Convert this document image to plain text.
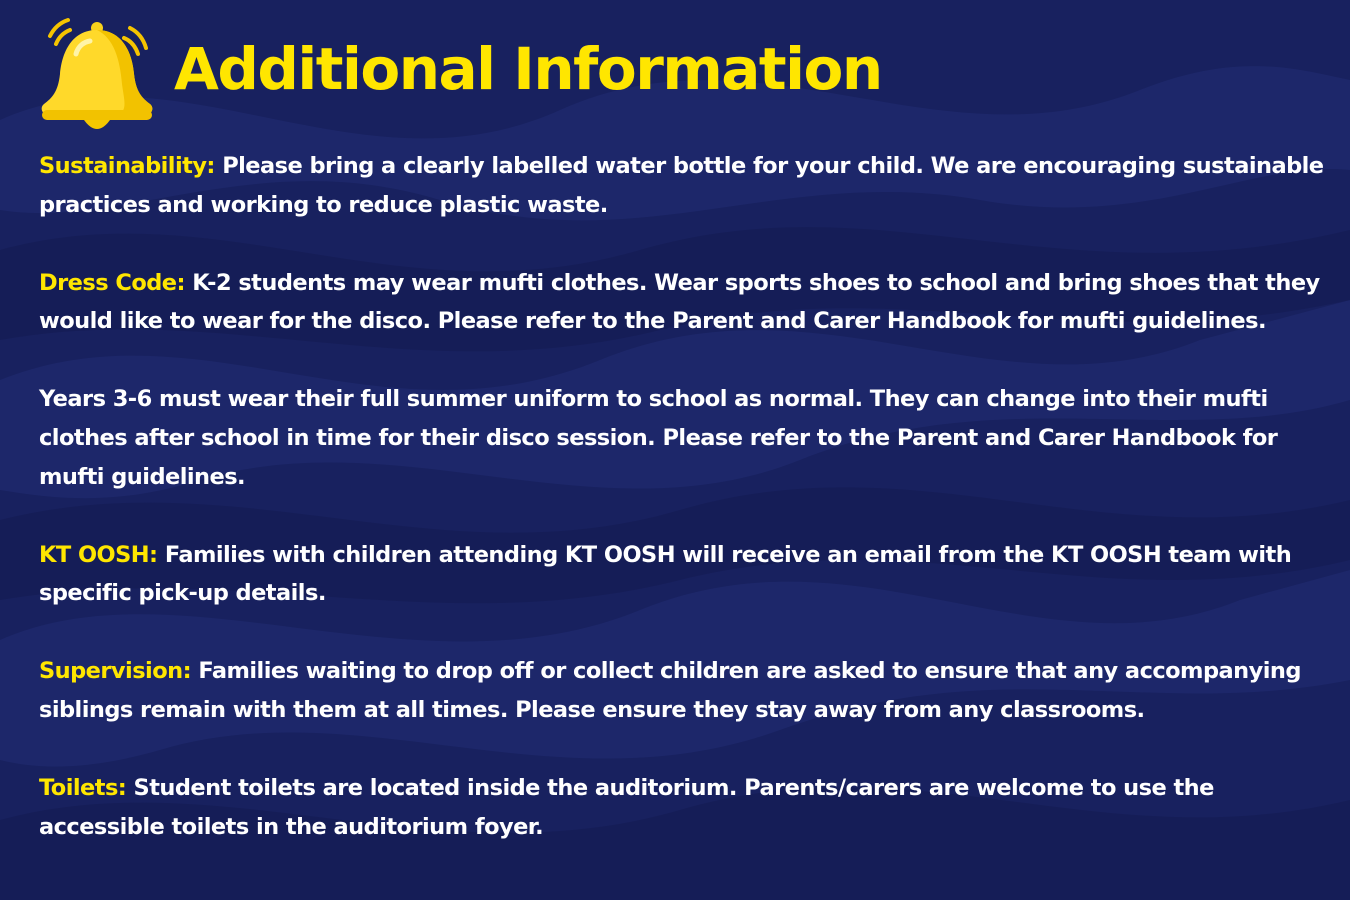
Additional Information

Sustainability: Please bring a clearly labelled water bottle for your child. We are encouraging sustainable practices and working to reduce plastic waste.

Dress Code: K-2 students may wear mufti clothes. Wear sports shoes to school and bring shoes that they would like to wear for the disco. Please refer to the Parent and Carer Handbook for mufti guidelines.

Years 3-6 must wear their full summer uniform to school as normal. They can change into their mufti clothes after school in time for their disco session. Please refer to the Parent and Carer Handbook for mufti guidelines.

KT OOSH: Families with children attending KT OOSH will receive an email from the KT OOSH team with specific pick-up details.

Supervision: Families waiting to drop off or collect children are asked to ensure that any accompanying siblings remain with them at all times. Please ensure they stay away from any classrooms.

Toilets: Student toilets are located inside the auditorium. Parents/carers are welcome to use the accessible toilets in the auditorium foyer.
